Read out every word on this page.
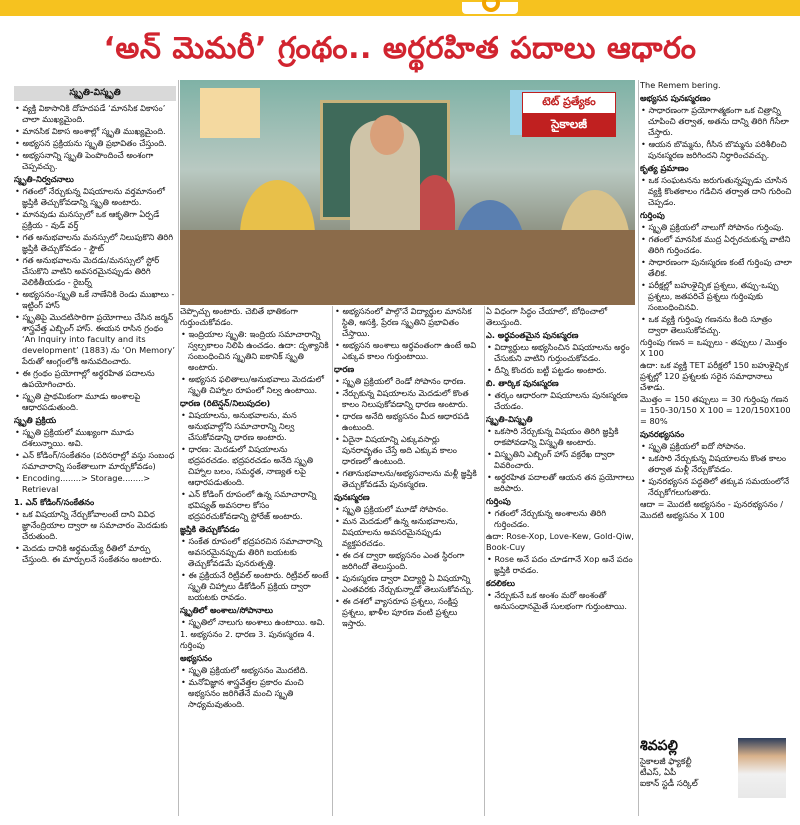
‘అన్ మెమరీ’ గ్రంథం.. అర్థరహిత పదాలు ఆధారం
స్మృతి-విస్మృతి

• వ్యక్తి వికాసానికి దోహదపడే ‘మానసిక వికాసం’ చాలా ముఖ్యమైంది.

• మానసిక వికాస అంశాల్లో స్మృతి ముఖ్యమైంది.

• అభ్యసన ప్రక్రియను స్మృతి ప్రభావితం చేస్తుంది.

• అభ్యసనాన్ని స్మృతి పెంపొందించే అంశంగా చెప్పవచ్చు.

స్మృతి-నిర్వచనాలు

• గతంలో నేర్చుకున్న విషయాలను వర్తమానంలో జ్ఞప్తికి తెచ్చుకోవడాన్ని స్మృతి అంటారు.

• మానవుడు మనస్సులో ఒక ఆకృతిగా ఏర్పడే ప్రక్రియ - వుడ్ వర్త్

• గత అనుభవాలను మనస్సులో నిలుపుకొని తిరిగి జ్ఞప్తికి తెచ్చుకోవడం - స్టౌట్

• గత అనుభవాలను మెదడు/మనస్సులో స్టోర్ చేసుకొని వాటిని అవసరమైనప్పుడు తిరిగి వెలికితీయడం - రైబర్న్

• అభ్యసనం-స్మృతి ఒకే నాణేనికి రెండు ముఖాలు - ఇట్టింగ్ హాస్

• స్మృతిపై మొదటిసారిగా ప్రయోగాలు చేసిన జర్మన్ శాస్త్రవేత్త ఎబ్బింగ్ హాస్. ఈయన రాసిన గ్రంథం ‘An Inquiry into faculty and its development’ (1883) ను ‘On Memory’ పేరుతో ఆంగ్లంలోకి అనువదించారు.

• ఈ గ్రంథం ప్రయోగాల్లో అర్థరహిత పదాలను ఉపయోగించారు.

• స్మృతి ప్రాథమికంగా మూడు అంశాలపై ఆధారపడుతుంది.

స్మృతి ప్రక్రియ

• స్మృతి ప్రక్రియలో ముఖ్యంగా మూడు దశలున్నాయి. అవి.

• ఎన్ కోడింగ్/సంకేతనం (పరిసరాల్లో వస్తు సంబంధ సమాచారాన్ని సంకేతాలుగా మార్చుకోవడం)

• Encoding........> Storage........> Retrieval

1. ఎన్ కోడింగ్/సంకేతనం

• ఒక విషయాన్ని నేర్చుకోవాలంటే దాని వివిధ జ్ఞానేంద్రియాల ద్వారా ఆ సమాచారం మెదడుకు చేరుతుంది.

• మెదడు దానికి అర్థమయ్యే రీతిలో మార్పు చేస్తుంది. ఈ మార్పులనే సంకేతనం అంటారు.

టెట్ ప్రత్యేకం
సైకాలజీ

చెప్పొచ్చు అంటారు. చెబితే భాతికంగా గుర్తుంచుకోవడం.

• ఇంద్రియాల స్మృతి: ఇంద్రియ సమాచారాన్ని స్వల్పకాలం నిలిపి ఉంచడం. ఉదా: దృశ్యానికి సంబంధించిన స్మృతిని ఐకానిక్ స్మృతి అంటారు.

• అభ్యసన ఫలితాలు/అనుభవాలు మెదడులో స్మృతి చిహ్నాల రూపంలో నిల్వ ఉంటాయి.

ధారణ (రిటెన్షన్/నిలుపుదల)

• విషయాలను, అనుభవాలను, మన అనుభవాల్లోని సమాచారాన్ని నిల్వ చేసుకోవడాన్ని ధారణ అంటారు.

• ధారణ: మెదడులో విషయాలను భద్రపరచడం. భద్రపరచడం అనేది స్మృతి చిహ్నాల బలం, సమర్థత, నాణ్యత లపై ఆధారపడుతుంది.

• ఎన్ కోడింగ్ రూపంలో ఉన్న సమాచారాన్ని భవిష్యత్ అవసరాల కోసం భద్రపరచుకోవడాన్ని స్టోరేజ్ అంటారు.

జ్ఞప్తికి తెచ్చుకోవడం

• సంకేత రూపంలో భద్రపరచిన సమాచారాన్ని అవసరమైనప్పుడు తిరిగి బయటకు తెచ్చుకోవడమే పునరుత్పత్తి.

• ఈ ప్రక్రియనే రిట్రీవల్ అంటారు. రిట్రీవల్ అంటే స్మృతి చిహ్నాలు డీకోడింగ్ ప్రక్రియ ద్వారా బయటకు రావడం.

స్మృతిలో అంశాలు/సోపానాలు

• స్మృతిలో నాలుగు అంశాలు ఉంటాయి. అవి.

1. అభ్యసనం 2. ధారణ 3. పునఃస్మరణ 4. గుర్తింపు

అభ్యసనం

• స్మృతి ప్రక్రియలో అభ్యసనం మొదటిది.

• మనోవిజ్ఞాన శాస్త్రవేత్తల ప్రకారం మంచి అభ్యసనం జరిగితేనే మంచి స్మృతి సాధ్యమవుతుంది.

• అభ్యసనంలో పాల్గొనే విద్యార్థుల మానసిక స్థితి, ఆసక్తి, ప్రేరణ స్మృతిని ప్రభావితం చేస్తాయి.

• అభ్యసన అంశాలు అర్థవంతంగా ఉంటే అవి ఎక్కువ కాలం గుర్తుంటాయి.

ధారణ

• స్మృతి ప్రక్రియలో రెండో సోపానం ధారణ.

• నేర్చుకున్న విషయాలను మెదడులో కొంత కాలం నిలుపుకోవడాన్ని ధారణ అంటారు.

• ధారణ అనేది అభ్యసనం మీద ఆధారపడి ఉంటుంది.

• ఏదైనా విషయాన్ని ఎక్కువసార్లు పునరావృతం చేస్తే అది ఎక్కువ కాలం ధారణలో ఉంటుంది.

• గతానుభవాలను/అభ్యసనాలను మళ్లీ జ్ఞప్తికి తెచ్చుకోవడమే పునఃస్మరణ.

పునఃస్మరణ

• స్మృతి ప్రక్రియలో మూడో సోపానం.

• మన మెదడులో ఉన్న అనుభవాలను, విషయాలను అవసరమైనప్పుడు వ్యక్తపరచడం.

• ఈ దశ ద్వారా అభ్యసనం ఎంత స్థిరంగా జరిగిందో తెలుస్తుంది.

• పునఃస్మరణ ద్వారా విద్యార్థి ఏ విషయాన్ని ఎంతవరకు నేర్చుకున్నాడో తెలుసుకోవచ్చు.

• ఈ దశలో వ్యాసరూప ప్రశ్నలు, సంక్షిప్త ప్రశ్నలు, ఖాళీల పూరణ వంటి ప్రశ్నలు ఇస్తారు.

ఏ విధంగా సిద్ధం చేయాలో, బోధించాలో తెలుస్తుంది.

ఎ. అర్థవంతమైన పునఃస్మరణ

• విద్యార్థులు అభ్యసించిన విషయాలను అర్థం చేసుకుని వాటిని గుర్తుంచుకోవడం.

• దీన్ని కొందరు బట్టీ పట్టడం అంటారు.

బి. తార్కిక పునఃస్మరణ

• తర్కం ఆధారంగా విషయాలను పునఃస్మరణ చేయడం.

స్మృతి-విస్మృతి

• ఒకసారి నేర్చుకున్న విషయం తిరిగి జ్ఞప్తికి రాకపోవడాన్ని విస్మృతి అంటారు.

• విస్మృతిని ఎబ్బింగ్ హాస్ వక్రరేఖ ద్వారా వివరించారు.

• అర్థరహిత పదాలతో ఆయన తన ప్రయోగాలు జరిపారు.

గుర్తింపు

• గతంలో నేర్చుకున్న అంశాలను తిరిగి గుర్తించడం.

ఉదా: Rose-Xop, Love-Kew, Gold-Qiw, Book-Cuy

• Rose అనే పదం చూడగానే Xop అనే పదం జ్ఞప్తికి రావడం.

కదలికలు

• నేర్చుకునే ఒక అంశం మరో అంశంతో అనుసంధానమైతే సులభంగా గుర్తుంటాయి.

The Remem bering.

అభ్యసన పునఃస్మరణం

• సాధారణంగా ప్రయోగాత్మకంగా ఒక చిత్రాన్ని చూపించి తర్వాత, అతను దాన్ని తిరిగి గీసేలా చేస్తారు.

• ఆయన బొమ్మను, గీసిన బొమ్మను పరిశీలించి పునఃస్మరణ జరిగిందని నిర్ధారించవచ్చు.

కృత్య ప్రమాణం

• ఒక సంఘటనను జరుగుతున్నప్పుడు చూసిన వ్యక్తి కొంతకాలం గడిచిన తర్వాత దాని గురించి చెప్పడం.

గుర్తింపు

• స్మృతి ప్రక్రియలో నాలుగో సోపానం గుర్తింపు.

• గతంలో మానసిక ముద్ర ఏర్పరచుకున్న వాటిని తిరిగి గుర్తించడం.

• సాధారణంగా పునఃస్మరణ కంటే గుర్తింపు చాలా తేలిక.

• పరీక్షల్లో బహుళైచ్ఛిక ప్రశ్నలు, తప్పు-ఒప్పు ప్రశ్నలు, జతపరిచే ప్రశ్నలు గుర్తింపుకు సంబంధించినవి.

• ఒక వ్యక్తి గుర్తింపు గణనను కింది సూత్రం ద్వారా తెలుసుకోవచ్చు.

గుర్తింపు గణన = ఒప్పులు - తప్పులు / మొత్తం X 100

ఉదా: ఒక వ్యక్తి TET పరీక్షలో 150 బహుళైచ్ఛిక ప్రశ్నల్లో 120 ప్రశ్నలకు సరైన సమాధానాలు చేశాడు.

మొత్తం = 150 తప్పులు = 30 గుర్తింపు గణన = 150-30/150 X 100 = 120/150X100 = 80%

పునరభ్యసనం

• స్మృతి ప్రక్రియలో ఐదో సోపానం.

• ఒకసారి నేర్చుకున్న విషయాలను కొంత కాలం తర్వాత మళ్లీ నేర్చుకోవడం.

• పునరభ్యసన పద్ధతిలో తక్కువ సమయంలోనే నేర్చుకోగలుగుతారు.

ఆదా = మొదటి అభ్యసనం - పునరభ్యసనం / మొదటి అభ్యసనం X 100

శివపల్లి
సైకాలజీ ఫ్యాకల్టీ
టీఎస్, ఏపీ
ఐకాన్ స్టడీ సర్కిల్
